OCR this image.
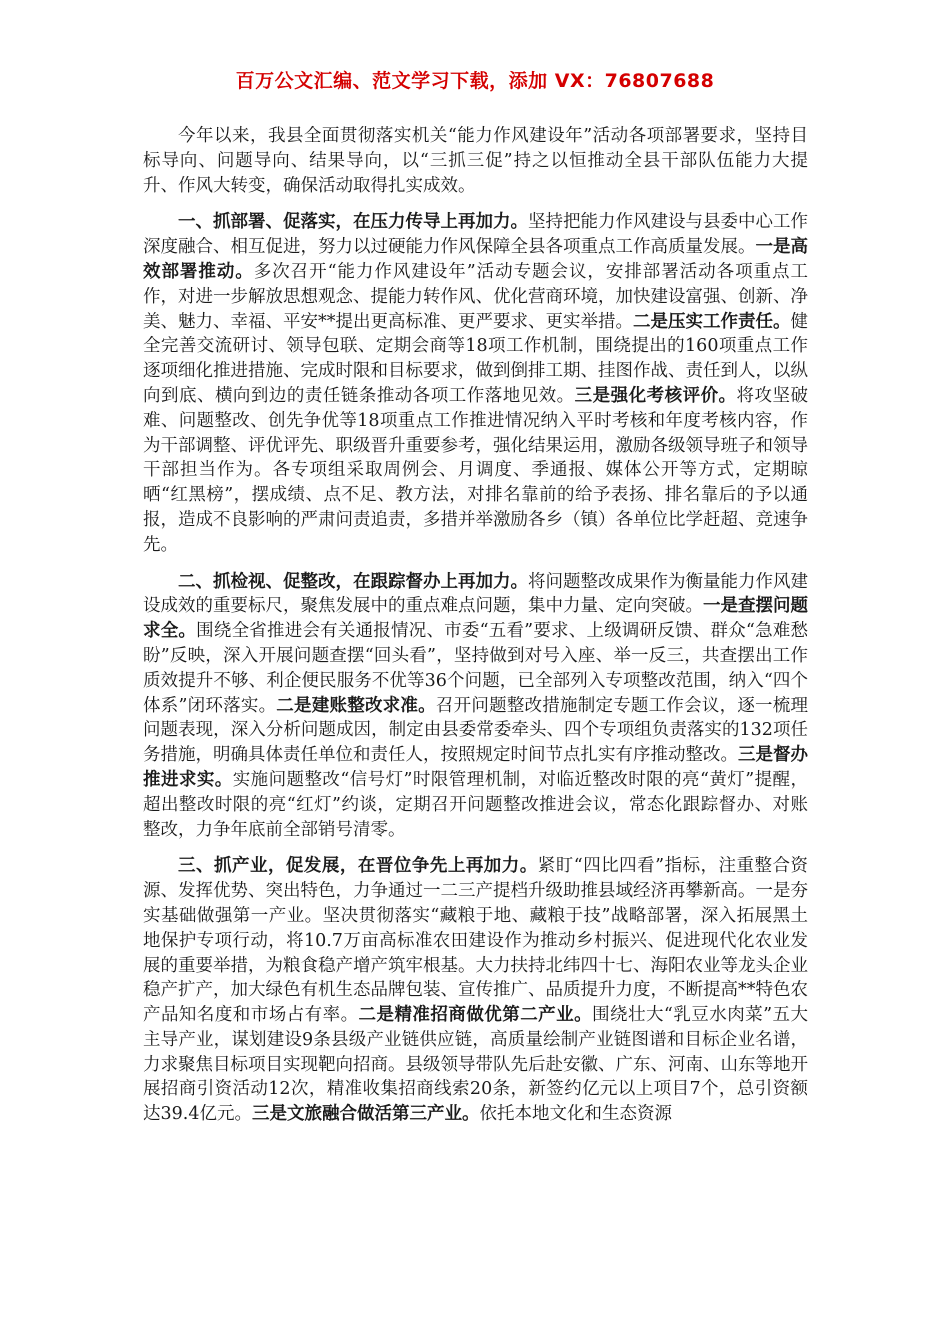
百万公文汇编、范文学习下载，添加 VX：76807688

今年以来，我县全面贯彻落实机关“能力作风建设年”活动各项部署要求，坚持目标导向、问题导向、结果导向，以“三抓三促”持之以恒推动全县干部队伍能力大提升、作风大转变，确保活动取得扎实成效。

一、抓部署、促落实，在压力传导上再加力。坚持把能力作风建设与县委中心工作深度融合、相互促进，努力以过硬能力作风保障全县各项重点工作高质量发展。一是高效部署推动。多次召开“能力作风建设年”活动专题会议，安排部署活动各项重点工作，对进一步解放思想观念、提能力转作风、优化营商环境，加快建设富强、创新、净美、魅力、幸福、平安**提出更高标准、更严要求、更实举措。二是压实工作责任。健全完善交流研讨、领导包联、定期会商等18项工作机制，围绕提出的160项重点工作逐项细化推进措施、完成时限和目标要求，做到倒排工期、挂图作战、责任到人，以纵向到底、横向到边的责任链条推动各项工作落地见效。三是强化考核评价。将攻坚破难、问题整改、创先争优等18项重点工作推进情况纳入平时考核和年度考核内容，作为干部调整、评优评先、职级晋升重要参考，强化结果运用，激励各级领导班子和领导干部担当作为。各专项组采取周例会、月调度、季通报、媒体公开等方式，定期晾晒“红黑榜”，摆成绩、点不足、教方法，对排名靠前的给予表扬、排名靠后的予以通报，造成不良影响的严肃问责追责，多措并举激励各乡（镇）各单位比学赶超、竞速争先。

二、抓检视、促整改，在跟踪督办上再加力。将问题整改成果作为衡量能力作风建设成效的重要标尺，聚焦发展中的重点难点问题，集中力量、定向突破。一是查摆问题求全。围绕全省推进会有关通报情况、市委“五看”要求、上级调研反馈、群众“急难愁盼”反映，深入开展问题查摆“回头看”，坚持做到对号入座、举一反三，共查摆出工作质效提升不够、利企便民服务不优等36个问题，已全部列入专项整改范围，纳入“四个体系”闭环落实。二是建账整改求准。召开问题整改措施制定专题工作会议，逐一梳理问题表现，深入分析问题成因，制定由县委常委牵头、四个专项组负责落实的132项任务措施，明确具体责任单位和责任人，按照规定时间节点扎实有序推动整改。三是督办推进求实。实施问题整改“信号灯”时限管理机制，对临近整改时限的亮“黄灯”提醒，超出整改时限的亮“红灯”约谈，定期召开问题整改推进会议，常态化跟踪督办、对账整改，力争年底前全部销号清零。

三、抓产业，促发展，在晋位争先上再加力。紧盯“四比四看”指标，注重整合资源、发挥优势、突出特色，力争通过一二三产提档升级助推县域经济再攀新高。一是夯实基础做强第一产业。坚决贯彻落实“藏粮于地、藏粮于技”战略部署，深入拓展黑土地保护专项行动，将10.7万亩高标准农田建设作为推动乡村振兴、促进现代化农业发展的重要举措，为粮食稳产增产筑牢根基。大力扶持北纬四十七、海阳农业等龙头企业稳产扩产，加大绿色有机生态品牌包装、宣传推广、品质提升力度，不断提高**特色农产品知名度和市场占有率。二是精准招商做优第二产业。围绕壮大“乳豆水肉菜”五大主导产业，谋划建设9条县级产业链供应链，高质量绘制产业链图谱和目标企业名谱，力求聚焦目标项目实现靶向招商。县级领导带队先后赴安徽、广东、河南、山东等地开展招商引资活动12次，精准收集招商线索20条，新签约亿元以上项目7个，总引资额达39.4亿元。三是文旅融合做活第三产业。依托本地文化和生态资源
